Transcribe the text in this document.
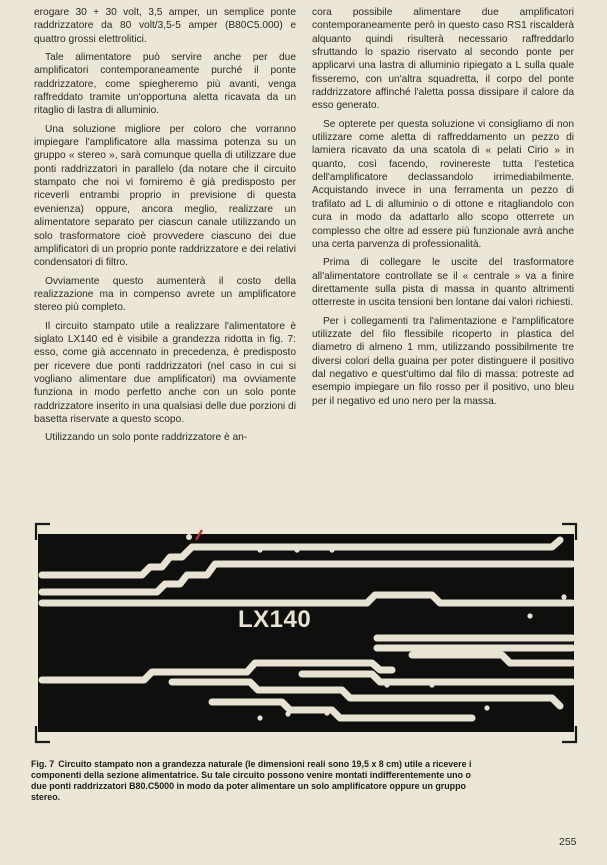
erogare 30 + 30 volt, 3,5 amper, un semplice ponte raddrizzatore da 80 volt/3,5-5 amper (B80C5.000) e quattro grossi elettrolitici.

Tale alimentatore può servire anche per due amplificatori contemporaneamente purché il ponte raddrizzatore, come spiegheremo più avanti, venga raffreddato tramite un'opportuna aletta ricavata da un ritaglio di lastra di alluminio.

Una soluzione migliore per coloro che vorranno impiegare l'amplificatore alla massima potenza su un gruppo « stereo », sarà comunque quella di utilizzare due ponti raddrizzatori in parallelo (da notare che il circuito stampato che noi vi forniremo è già predisposto per riceverli entrambi proprio in previsione di questa evenienza) oppure, ancora meglio, realizzare un alimentatore separato per ciascun canale utilizzando un solo trasformatore cioè provvedere ciascuno dei due amplificatori di un proprio ponte raddrizzatore e dei relativi condensatori di filtro.

Ovviamente questo aumenterà il costo della realizzazione ma in compenso avrete un amplificatore stereo più completo.

Il circuito stampato utile a realizzare l'alimentatore è siglato LX140 ed è visibile a grandezza ridotta in fig. 7: esso, come già accennato in precedenza, è predisposto per ricevere due ponti raddrizzatori (nel caso in cui si vogliano alimentare due amplificatori) ma ovviamente funziona in modo perfetto anche con un solo ponte raddrizzatore inserito in una qualsiasi delle due porzioni di basetta riservate a questo scopo.

Utilizzando un solo ponte raddrizzatore è an-

cora possibile alimentare due amplificatori contemporaneamente però in questo caso RS1 riscalderà alquanto quindi risulterà necessario raffreddarlo sfruttando lo spazio riservato al secondo ponte per applicarvi una lastra di alluminio ripiegato a L sulla quale fisseremo, con un'altra squadretta, il corpo del ponte raddrizzatore affinché l'aletta possa dissipare il calore da esso generato.

Se opterete per questa soluzione vi consigliamo di non utilizzare come aletta di raffreddamento un pezzo di lamiera ricavato da una scatola di « pelati Cirio » in quanto, così facendo, rovinereste tutta l'estetica dell'amplificatore declassandolo irrimediabilmente. Acquistando invece in una ferramenta un pezzo di trafilato ad L di alluminio o di ottone e ritagliandolo con cura in modo da adattarlo allo scopo otterrete un complesso che oltre ad essere più funzionale avrà anche una certa parvenza di professionalità.

Prima di collegare le uscite del trasformatore all'alimentatore controllate se il « centrale » va a finire direttamente sulla pista di massa in quanto altrimenti otterreste in uscita tensioni ben lontane dai valori richiesti.

Per i collegamenti tra l'alimentazione e l'amplificatore utilizzate del filo flessibile ricoperto in plastica del diametro di almeno 1 mm, utilizzando possibilmente tre diversi colori della guaina per poter distinguere il positivo dal negativo e quest'ultimo dal filo di massa: potreste ad esempio impiegare un filo rosso per il positivo, uno bleu per il negativo ed uno nero per la massa.

LX140
Fig. 7 Circuito stampato non a grandezza naturale (le dimensioni reali sono 19,5 x 8 cm) utile a ricevere i componenti della sezione alimentatrice. Su tale circuito possono venire montati indifferentemente uno o due ponti raddrizzatori B80.C5000 in modo da poter alimentare un solo amplificatore oppure un gruppo stereo.
255
